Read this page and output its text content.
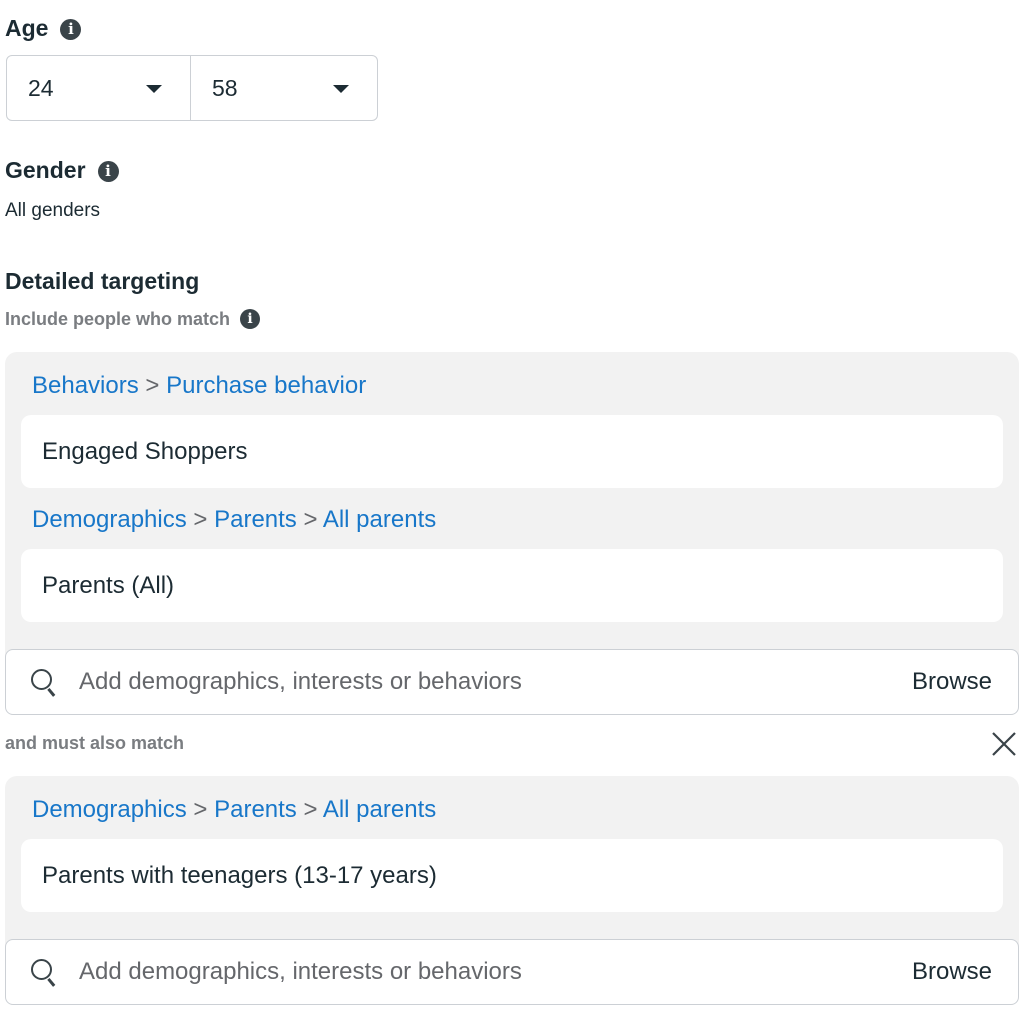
Age i
24	58
Gender i
All genders
Detailed targeting
Include people who match i
Behaviors > Purchase behavior
Engaged Shoppers
Demographics > Parents > All parents
Parents (All)
Add demographics, interests or behaviors	Browse
and must also match
Demographics > Parents > All parents
Parents with teenagers (13-17 years)
Add demographics, interests or behaviors	Browse
